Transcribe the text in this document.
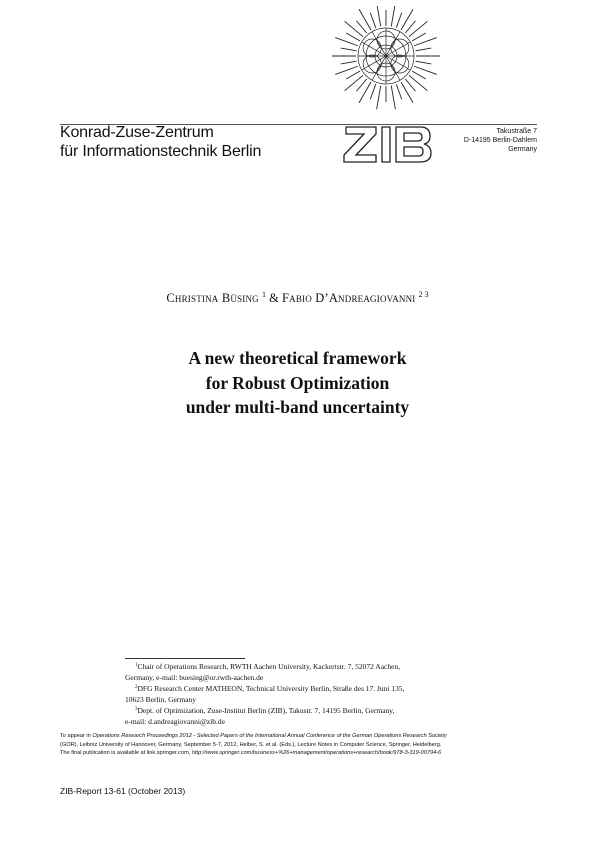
Konrad-Zuse-Zentrum
für Informationstechnik Berlin
Takustraße 7
D-14195 Berlin-Dahlem
Germany
Christina Büsing $^1$ & Fabio D’Andreagiovanni $^{2 3}$
A new theoretical framework
for Robust Optimization
under multi-band uncertainty
$^1$Chair of Operations Research, RWTH Aachen University, Kackertstr. 7, 52072 Aachen,
Germany, e-mail: buesing@or.rwth-aachen.de
$^2$DFG Research Center MATHEON, Technical University Berlin, Straße des 17. Juni 135,
10623 Berlin, Germany
$^3$Dept. of Optimization, Zuse-Institut Berlin (ZIB), Takustr. 7, 14195 Berlin, Germany,
e-mail: d.andreagiovanni@zib.de
To appear in Operations Research Proceedings 2012 - Selected Papers of the International Annual Conference of the German Operations Research Society
(GOR), Leibniz University of Hannover, Germany, September 5-7, 2012, Helber, S. et al. (Eds.), Lecture Notes in Computer Science, Springer, Heidelberg.
The final publication is available at link.springer.com, http://www.springer.com/business+%26+management/operations+research/book/978-3-319-00794-6
ZIB-Report 13-61 (October 2013)
